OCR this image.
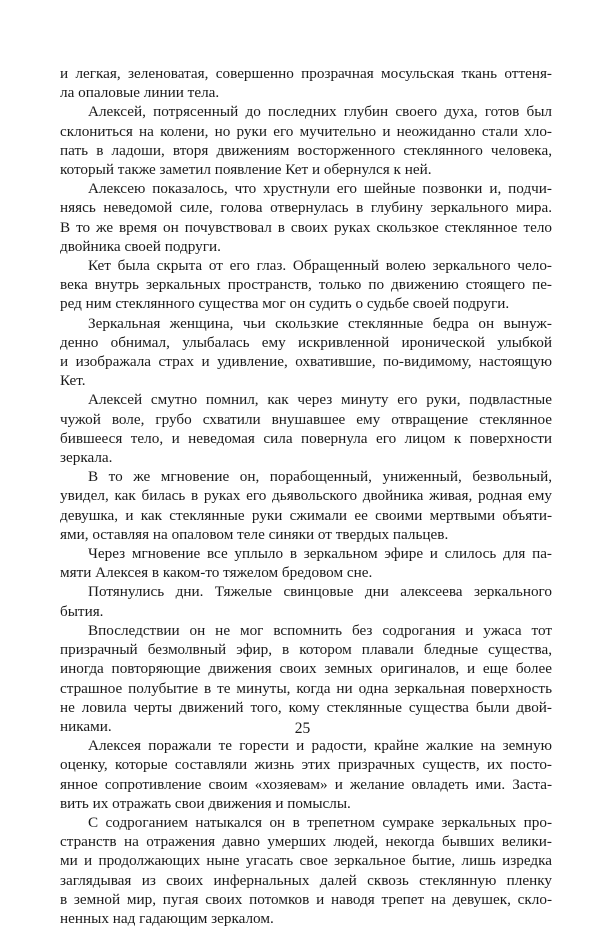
и легкая, зеленоватая, совершенно прозрачная мосульская ткань оттеня-
ла опаловые линии тела.
Алексей, потрясенный до последних глубин своего духа, готов был
склониться на колени, но руки его мучительно и неожиданно стали хло-
пать в ладоши, вторя движениям восторженного стеклянного человека,
который также заметил появление Кет и обернулся к ней.
Алексею показалось, что хрустнули его шейные позвонки и, подчи-
няясь неведомой силе, голова отвернулась в глубину зеркального мира.
В то же время он почувствовал в своих руках скользкое стеклянное тело
двойника своей подруги.
Кет была скрыта от его глаз. Обращенный волею зеркального чело-
века внутрь зеркальных пространств, только по движению стоящего пе-
ред ним стеклянного существа мог он судить о судьбе своей подруги.
Зеркальная женщина, чьи скользкие стеклянные бедра он вынуж-
денно обнимал, улыбалась ему искривленной иронической улыбкой
и изображала страх и удивление, охватившие, по-видимому, настоящую
Кет.
Алексей смутно помнил, как через минуту его руки, подвластные
чужой воле, грубо схватили внушавшее ему отвращение стеклянное
бившееся тело, и неведомая сила повернула его лицом к поверхности
зеркала.
В то же мгновение он, порабощенный, униженный, безвольный,
увидел, как билась в руках его дьявольского двойника живая, родная ему
девушка, и как стеклянные руки сжимали ее своими мертвыми объяти-
ями, оставляя на опаловом теле синяки от твердых пальцев.
Через мгновение все уплыло в зеркальном эфире и слилось для па-
мяти Алексея в каком-то тяжелом бредовом сне.
Потянулись дни. Тяжелые свинцовые дни алексеева зеркального
бытия.
Впоследствии он не мог вспомнить без содрогания и ужаса тот
призрачный безмолвный эфир, в котором плавали бледные существа,
иногда повторяющие движения своих земных оригиналов, и еще более
страшное полубытие в те минуты, когда ни одна зеркальная поверхность
не ловила черты движений того, кому стеклянные существа были двой-
никами.
Алексея поражали те горести и радости, крайне жалкие на земную
оценку, которые составляли жизнь этих призрачных существ, их посто-
янное сопротивление своим «хозяевам» и желание овладеть ими. Заста-
вить их отражать свои движения и помыслы.
С содроганием натыкался он в трепетном сумраке зеркальных про-
странств на отражения давно умерших людей, некогда бывших велики-
ми и продолжающих ныне угасать свое зеркальное бытие, лишь изредка
заглядывая из своих инфернальных далей сквозь стеклянную пленку
в земной мир, пугая своих потомков и наводя трепет на девушек, скло-
ненных над гадающим зеркалом.
25
